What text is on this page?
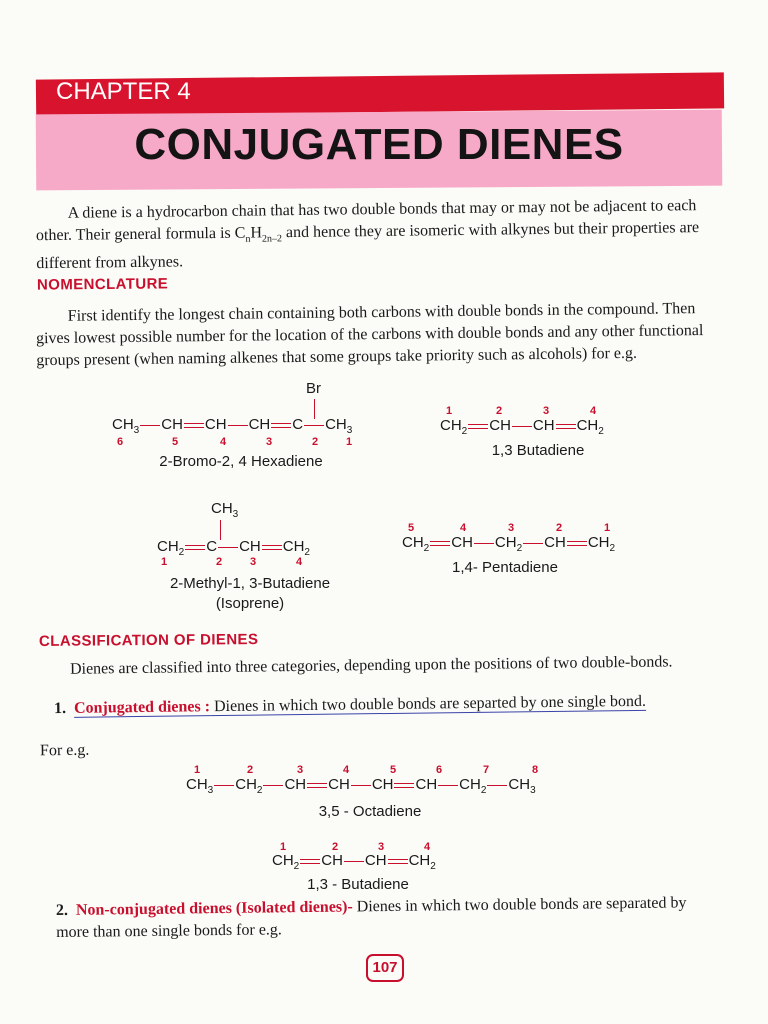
CHAPTER 4
CONJUGATED DIENES
A diene is a hydrocarbon chain that has two double bonds that may or may not be adjacent to each other. Their general formula is $C_nH_{2n-2}$ and hence they are isomeric with alkynes but their properties are different from alkynes.
NOMENCLATURE
First identify the longest chain containing both carbons with double bonds in the compound. Then gives lowest possible number for the location of the carbons with double bonds and any other functional groups present (when naming alkenes that some groups take priority such as alcohols) for e.g.
Br
$CH_3$ CH CH CH C $CH_3$
6	5	4	3	2	1
2-Bromo-2, 4 Hexadiene
1	2	3	4
$CH_2$ CH CH $CH_2$
1,3 Butadiene
$CH_3$
$CH_2$ C CH $CH_2$
1	2	3	4
2-Methyl-1, 3-Butadiene
(Isoprene)
5	4	3	2	1
$CH_2$ CH $CH_2$ CH $CH_2$
1,4- Pentadiene
CLASSIFICATION OF DIENES
Dienes are classified into three categories, depending upon the positions of two double-bonds.
1. Conjugated dienes : Dienes in which two double bonds are separted by one single bond.
For e.g.
1	2	3	4	5	6	7	8
$CH_3$ $CH_2$ CH CH CH CH $CH_2$ $CH_3$
3,5 - Octadiene
1	2	3	4
$CH_2$ CH CH $CH_2$
1,3 - Butadiene
2. Non-conjugated dienes (Isolated dienes)- Dienes in which two double bonds are separated by more than one single bonds for e.g.
107
